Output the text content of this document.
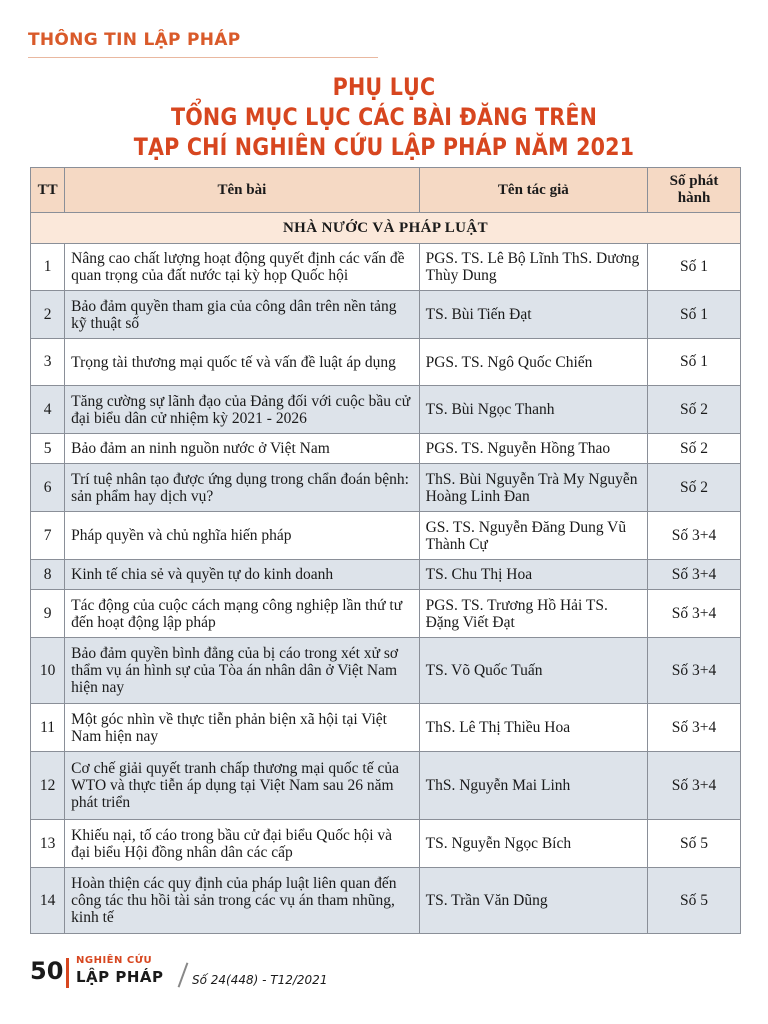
THÔNG TIN LẬP PHÁP
PHỤ LỤC
TỔNG MỤC LỤC CÁC BÀI ĐĂNG TRÊN
TẠP CHÍ NGHIÊN CỨU LẬP PHÁP NĂM 2021
TT	Tên bài	Tên tác giả	Số phát hành
NHÀ NƯỚC VÀ PHÁP LUẬT			
1	Nâng cao chất lượng hoạt động quyết định các vấn đề quan trọng của đất nước tại kỳ họp Quốc hội	PGS. TS. Lê Bộ Lĩnh ThS. Dương Thùy Dung	Số 1
2	Bảo đảm quyền tham gia của công dân trên nền tảng kỹ thuật số	TS. Bùi Tiến Đạt	Số 1
3	Trọng tài thương mại quốc tế và vấn đề luật áp dụng	PGS. TS. Ngô Quốc Chiến	Số 1
4	Tăng cường sự lãnh đạo của Đảng đối với cuộc bầu cử đại biểu dân cử nhiệm kỳ 2021 - 2026	TS. Bùi Ngọc Thanh	Số 2
5	Bảo đảm an ninh nguồn nước ở Việt Nam	PGS. TS. Nguyễn Hồng Thao	Số 2
6	Trí tuệ nhân tạo được ứng dụng trong chẩn đoán bệnh: sản phẩm hay dịch vụ?	ThS. Bùi Nguyễn Trà My Nguyễn Hoàng Linh Đan	Số 2
7	Pháp quyền và chủ nghĩa hiến pháp	GS. TS. Nguyễn Đăng Dung Vũ Thành Cự	Số 3+4
8	Kinh tế chia sẻ và quyền tự do kinh doanh	TS. Chu Thị Hoa	Số 3+4
9	Tác động của cuộc cách mạng công nghiệp lần thứ tư đến hoạt động lập pháp	PGS. TS. Trương Hồ Hải TS. Đặng Viết Đạt	Số 3+4
10	Bảo đảm quyền bình đẳng của bị cáo trong xét xử sơ thẩm vụ án hình sự của Tòa án nhân dân ở Việt Nam hiện nay	TS. Võ Quốc Tuấn	Số 3+4
11	Một góc nhìn về thực tiễn phản biện xã hội tại Việt Nam hiện nay	ThS. Lê Thị Thiều Hoa	Số 3+4
12	Cơ chế giải quyết tranh chấp thương mại quốc tế của WTO và thực tiễn áp dụng tại Việt Nam sau 26 năm phát triển	ThS. Nguyễn Mai Linh	Số 3+4
13	Khiếu nại, tố cáo trong bầu cử đại biểu Quốc hội và đại biểu Hội đồng nhân dân các cấp	TS. Nguyễn Ngọc Bích	Số 5
14	Hoàn thiện các quy định của pháp luật liên quan đến công tác thu hồi tài sản trong các vụ án tham nhũng, kinh tế	TS. Trần Văn Dũng	Số 5
50 NGHIÊN CỨU
LẬP PHÁP Số 24(448) - T12/2021
